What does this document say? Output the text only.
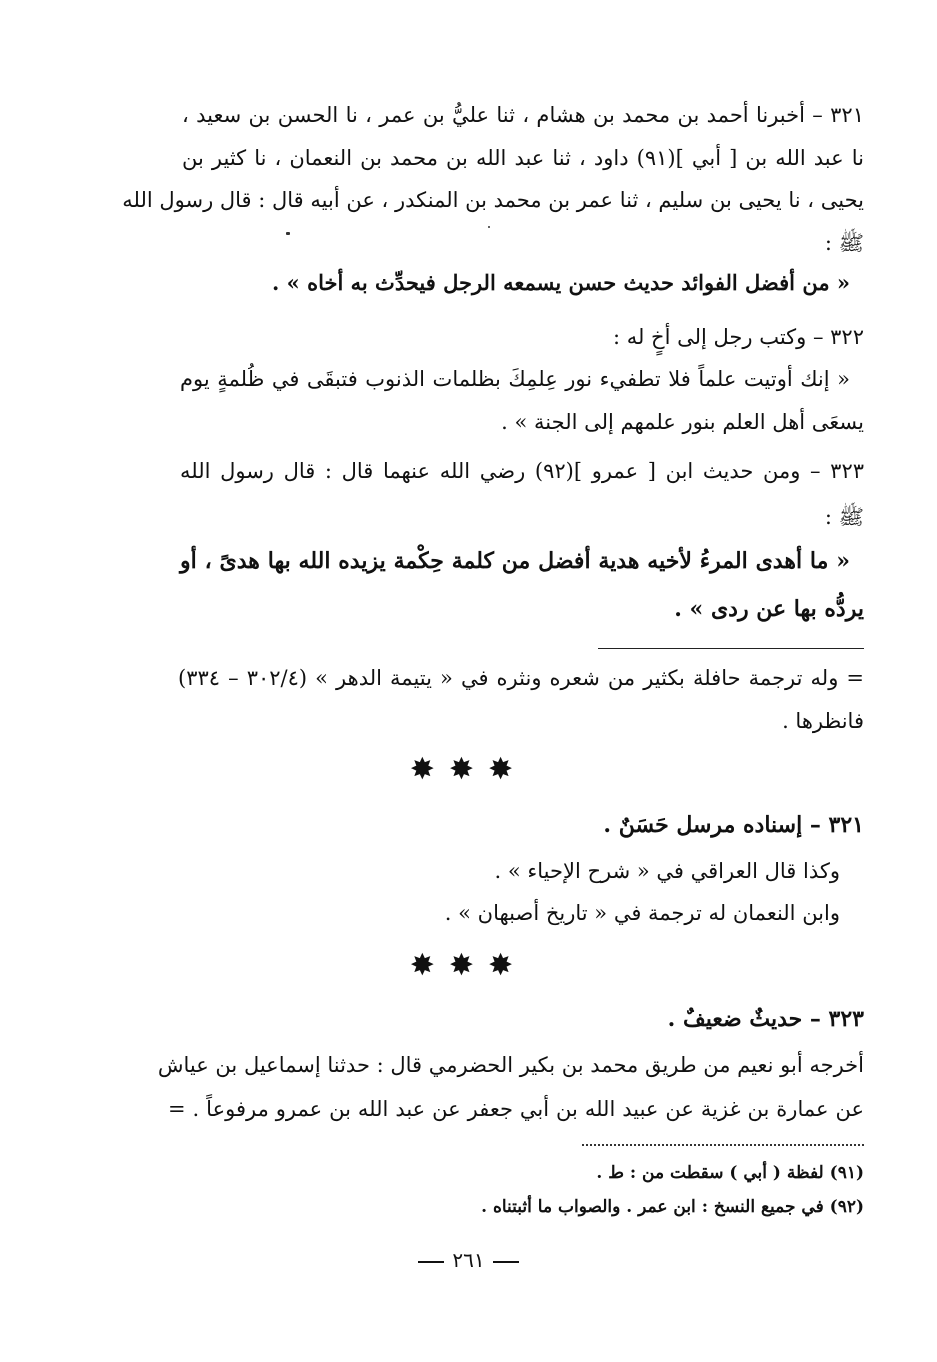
٣٢١ – أخبرنا أحمد بن محمد بن هشام ، ثنا عليُّ بن عمر ، نا الحسن بن سعيد ،
نا عبد الله بن [ أبي ](٩١) داود ، ثنا عبد الله بن محمد بن النعمان ، نا كثير بن
يحيى ، نا يحيى بن سليم ، ثنا عمر بن محمد بن المنكدر ، عن أبيه قال : قال رسول الله
ﷺ :
« من أفضل الفوائد حديث حسن يسمعه الرجل فيحدِّث به أخاه » .
٣٢٢ – وكتب رجل إلى أخٍ له :
« إنك أوتيت علماً فلا تطفيء نور عِلمِكَ بظلمات الذنوب فتبقَى في ظُلمةٍ يوم
يسعَى أهل العلم بنور علمهم إلى الجنة » .
٣٢٣ – ومن حديث ابن [ عمرو ](٩٢) رضي الله عنهما قال : قال رسول الله
ﷺ :
« ما أهدى المرءُ لأخيه هدية أفضل من كلمة حِكْمة يزيده الله بها هدىً ، أو
يردُّه بها عن ردى » .
= وله ترجمة حافلة بكثير من شعره ونثره في « يتيمة الدهر » (٣٠٢/٤ – ٣٣٤)
فانظرها .
✸✸✸
٣٢١ – إسناده مرسل حَسَنٌ .
وكذا قال العراقي في « شرح الإحياء » .
وابن النعمان له ترجمة في « تاريخ أصبهان » .
✸✸✸
٣٢٣ – حديثٌ ضعيفٌ .
أخرجه أبو نعيم من طريق محمد بن بكير الحضرمي قال : حدثنا إسماعيل بن عياش
عن عمارة بن غزية عن عبيد الله بن أبي جعفر عن عبد الله بن عمرو مرفوعاً . =
(٩١) لفظة ( أبي ) سقطت من : ط .
(٩٢) في جميع النسخ : ابن عمر . والصواب ما أثبتناه .
٢٦١
